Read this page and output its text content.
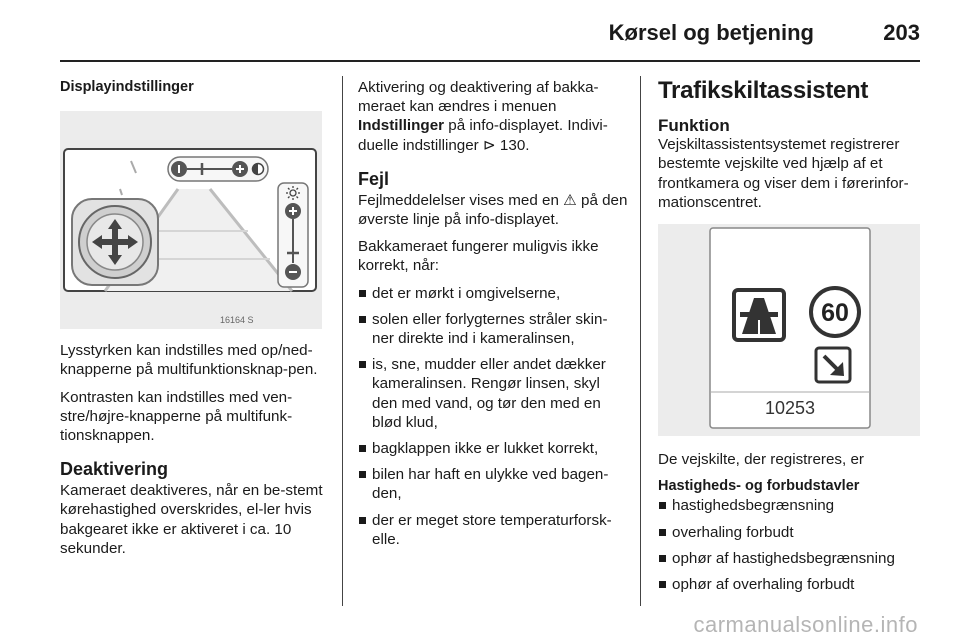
Kørsel og betjening	203
Displayindstillinger
16164 S

Lysstyrken kan indstilles med op/ned-knapperne på multifunktionsknap-pen.

Kontrasten kan indstilles med ven-stre/højre-knapperne på multifunk-tionsknappen.

Deaktivering

Kameraet deaktiveres, når en be-stemt kørehastighed overskrides, el-ler hvis bakgearet ikke er aktiveret i ca. 10 sekunder.

Aktivering og deaktivering af bakka-meraet kan ændres i menuen Indstillinger på info-displayet. Indivi-duelle indstillinger ⊳ 130.

Fejl

Fejlmeddelelser vises med en ⚠ på den øverste linje på info-displayet.

Bakkameraet fungerer muligvis ikke korrekt, når:

det er mørkt i omgivelserne,
solen eller forlygternes stråler skin-ner direkte ind i kameralinsen,
is, sne, mudder eller andet dækker kameralinsen. Rengør linsen, skyl den med vand, og tør den med en blød klud,
bagklappen ikke er lukket korrekt,
bilen har haft en ulykke ved bagen-den,
der er meget store temperaturforsk-elle.
Trafikskiltassistent
Funktion

Vejskiltassistentsystemet registrerer bestemte vejskilte ved hjælp af et frontkamera og viser dem i førerinfor-mationscentret.

60
10253

De vejskilte, der registreres, er

Hastigheds- og forbudstavler
hastighedsbegrænsning
overhaling forbudt
ophør af hastighedsbegrænsning
ophør af overhaling forbudt
carmanualsonline.info
